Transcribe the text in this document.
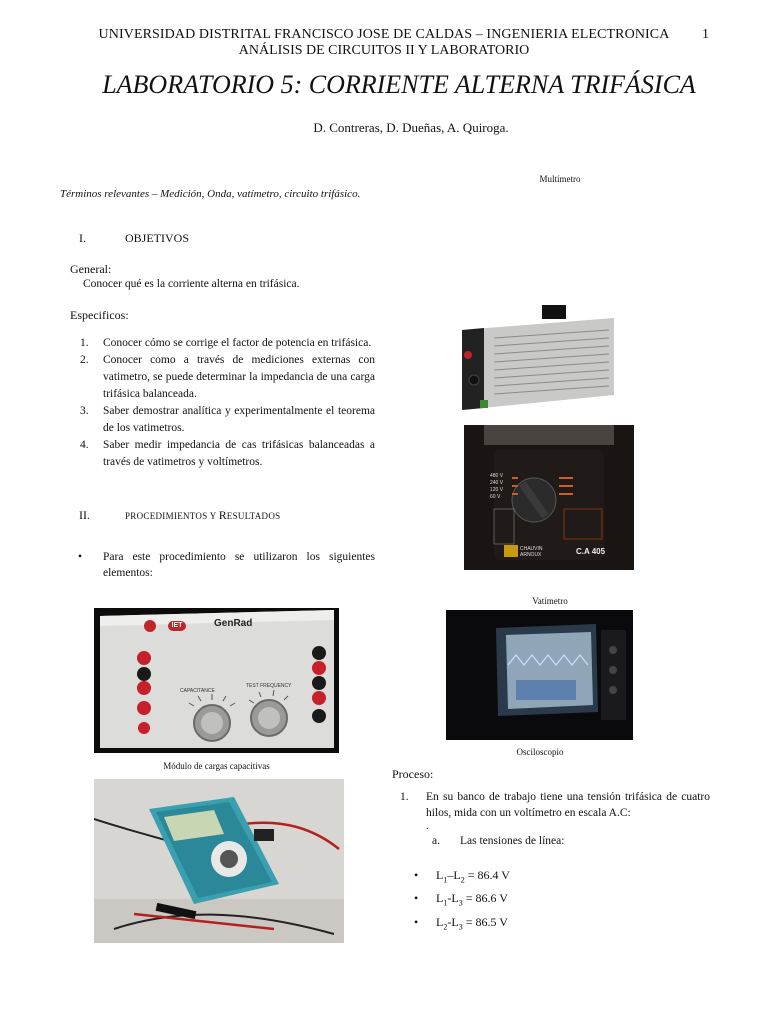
UNIVERSIDAD DISTRITAL FRANCISCO JOSE DE CALDAS – INGENIERIA ELECTRONICA	1
ANÁLISIS DE CIRCUITOS II Y LABORATORIO
LABORATORIO 5: CORRIENTE ALTERNA TRIFÁSICA
D. Contreras, D. Dueñas, A. Quiroga.
Términos relevantes – Medición, Onda, vatímetro, circuito trifásico.
I.	OBJETIVOS
General:
Conocer qué es la corriente alterna en trifásica.
Especificos:
1.	Conocer cómo se corrige el factor de potencia en trifásica.
2.	Conocer como a través de mediciones externas con vatimetro, se puede determinar la impedancia de una carga trifásica balanceada.
3.	Saber demostrar analítica y experimentalmente el teorema de los vatimetros.
4.	Saber medir impedancia de cas trifásicas balanceadas a través de vatimetros y voltímetros.
II.	PROCEDIMIENTOS Y RESULTADOS
•	Para este procedimiento se utilizaron los siguientes elementos:
IET	GenRad
CAPACITANCE
TEST FREQUENCY
Módulo de cargas capacitivas
Multímetro
480 V
240 V
120 V
60 V
CHAUVIN
ARNOUX	C.A 405
Vatímetro
Osciloscopio
Proceso:
1.	En su banco de trabajo tiene una tensión trifásica de cuatro hilos, mida con un voltímetro en escala A.C:
.
a. Las tensiones de línea:
• $L_1-L_2 = 86.4$ V
• $L_1-L_3 = 86.6$ V
• $L_2-L_3 = 86.5$ V
